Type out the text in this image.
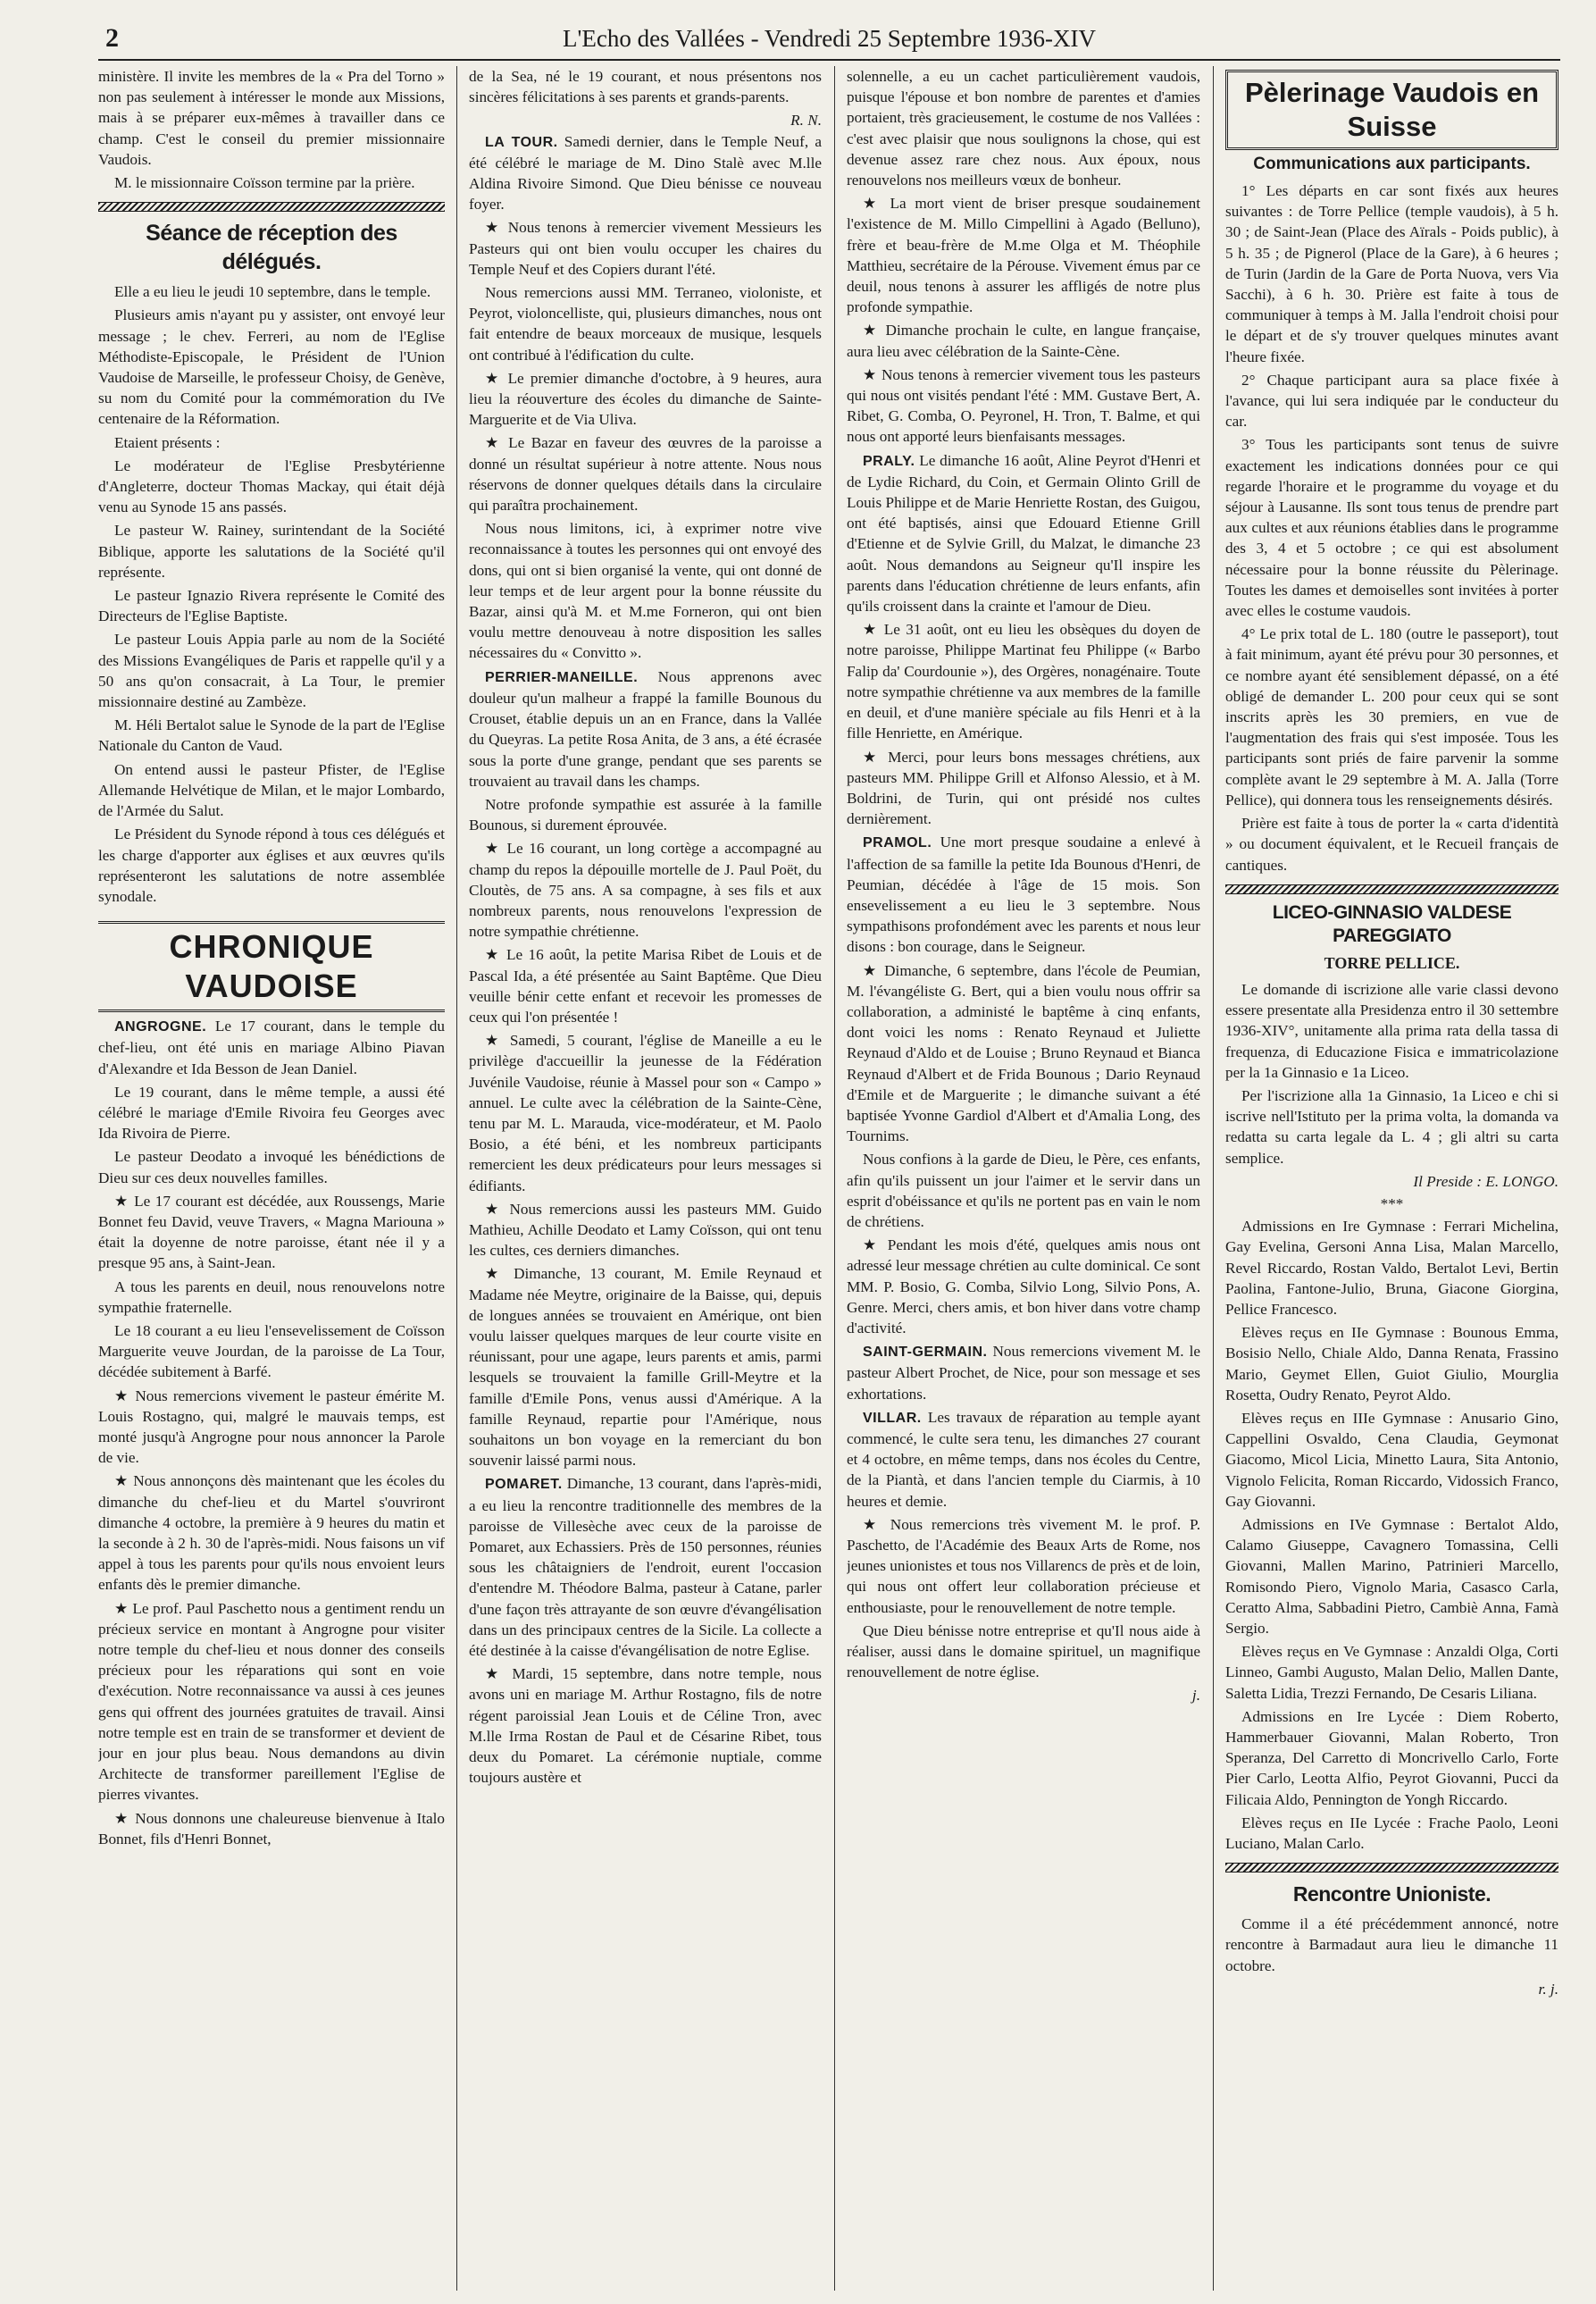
2	L'Echo des Vallées - Vendredi 25 Septembre 1936-XIV

ministère. Il invite les membres de la « Pra del Torno » non pas seulement à intéresser le monde aux Missions, mais à se préparer eux-mêmes à travailler dans ce champ. C'est le conseil du premier missionnaire Vaudois.

M. le missionnaire Coïsson termine par la prière.

Séance de réception des délégués.

Elle a eu lieu le jeudi 10 septembre, dans le temple.

Plusieurs amis n'ayant pu y assister, ont envoyé leur message ; le chev. Ferreri, au nom de l'Eglise Méthodiste-Episcopale, le Président de l'Union Vaudoise de Marseille, le professeur Choisy, de Genève, su nom du Comité pour la commémoration du IVe centenaire de la Réformation.

Etaient présents :

Le modérateur de l'Eglise Presbytérienne d'Angleterre, docteur Thomas Mackay, qui était déjà venu au Synode 15 ans passés.

Le pasteur W. Rainey, surintendant de la Société Biblique, apporte les salutations de la Société qu'il représente.

Le pasteur Ignazio Rivera représente le Comité des Directeurs de l'Eglise Baptiste.

Le pasteur Louis Appia parle au nom de la Société des Missions Evangéliques de Paris et rappelle qu'il y a 50 ans qu'on consacrait, à La Tour, le premier missionnaire destiné au Zambèze.

M. Héli Bertalot salue le Synode de la part de l'Eglise Nationale du Canton de Vaud.

On entend aussi le pasteur Pfister, de l'Eglise Allemande Helvétique de Milan, et le major Lombardo, de l'Armée du Salut.

Le Président du Synode répond à tous ces délégués et les charge d'apporter aux églises et aux œuvres qu'ils représenteront les salutations de notre assemblée synodale.

CHRONIQUE VAUDOISE

ANGROGNE. Le 17 courant, dans le temple du chef-lieu, ont été unis en mariage Albino Piavan d'Alexandre et Ida Besson de Jean Daniel.

Le 19 courant, dans le même temple, a aussi été célébré le mariage d'Emile Rivoira feu Georges avec Ida Rivoira de Pierre.

Le pasteur Deodato a invoqué les bénédictions de Dieu sur ces deux nouvelles familles.

★ Le 17 courant est décédée, aux Roussengs, Marie Bonnet feu David, veuve Travers, « Magna Mariouna » était la doyenne de notre paroisse, étant née il y a presque 95 ans, à Saint-Jean.

A tous les parents en deuil, nous renouvelons notre sympathie fraternelle.

Le 18 courant a eu lieu l'ensevelissement de Coïsson Marguerite veuve Jourdan, de la paroisse de La Tour, décédée subitement à Barfé.

★ Nous remercions vivement le pasteur émérite M. Louis Rostagno, qui, malgré le mauvais temps, est monté jusqu'à Angrogne pour nous annoncer la Parole de vie.

★ Nous annonçons dès maintenant que les écoles du dimanche du chef-lieu et du Martel s'ouvriront dimanche 4 octobre, la première à 9 heures du matin et la seconde à 2 h. 30 de l'après-midi. Nous faisons un vif appel à tous les parents pour qu'ils nous envoient leurs enfants dès le premier dimanche.

★ Le prof. Paul Paschetto nous a gentiment rendu un précieux service en montant à Angrogne pour visiter notre temple du chef-lieu et nous donner des conseils précieux pour les réparations qui sont en voie d'exécution. Notre reconnaissance va aussi à ces jeunes gens qui offrent des journées gratuites de travail. Ainsi notre temple est en train de se transformer et devient de jour en jour plus beau. Nous demandons au divin Architecte de transformer pareillement l'Eglise de pierres vivantes.

★ Nous donnons une chaleureuse bienvenue à Italo Bonnet, fils d'Henri Bonnet,

de la Sea, né le 19 courant, et nous présentons nos sincères félicitations à ses parents et grands-parents.

R. N.

LA TOUR. Samedi dernier, dans le Temple Neuf, a été célébré le mariage de M. Dino Stalè avec M.lle Aldina Rivoire Simond. Que Dieu bénisse ce nouveau foyer.

★ Nous tenons à remercier vivement Messieurs les Pasteurs qui ont bien voulu occuper les chaires du Temple Neuf et des Copiers durant l'été.

Nous remercions aussi MM. Terraneo, violoniste, et Peyrot, violoncelliste, qui, plusieurs dimanches, nous ont fait entendre de beaux morceaux de musique, lesquels ont contribué à l'édification du culte.

★ Le premier dimanche d'octobre, à 9 heures, aura lieu la réouverture des écoles du dimanche de Sainte-Marguerite et de Via Uliva.

★ Le Bazar en faveur des œuvres de la paroisse a donné un résultat supérieur à notre attente. Nous nous réservons de donner quelques détails dans la circulaire qui paraîtra prochainement.

Nous nous limitons, ici, à exprimer notre vive reconnaissance à toutes les personnes qui ont envoyé des dons, qui ont si bien organisé la vente, qui ont donné de leur temps et de leur argent pour la bonne réussite du Bazar, ainsi qu'à M. et M.me Forneron, qui ont bien voulu mettre denouveau à notre disposition les salles nécessaires du « Convitto ».

PERRIER-MANEILLE. Nous apprenons avec douleur qu'un malheur a frappé la famille Bounous du Crouset, établie depuis un an en France, dans la Vallée du Queyras. La petite Rosa Anita, de 3 ans, a été écrasée sous la porte d'une grange, pendant que ses parents se trouvaient au travail dans les champs.

Notre profonde sympathie est assurée à la famille Bounous, si durement éprouvée.

★ Le 16 courant, un long cortège a accompagné au champ du repos la dépouille mortelle de J. Paul Poët, du Cloutès, de 75 ans. A sa compagne, à ses fils et aux nombreux parents, nous renouvelons l'expression de notre sympathie chrétienne.

★ Le 16 août, la petite Marisa Ribet de Louis et de Pascal Ida, a été présentée au Saint Baptême. Que Dieu veuille bénir cette enfant et recevoir les promesses de ceux qui l'on présentée !

★ Samedi, 5 courant, l'église de Maneille a eu le privilège d'accueillir la jeunesse de la Fédération Juvénile Vaudoise, réunie à Massel pour son « Campo » annuel. Le culte avec la célébration de la Sainte-Cène, tenu par M. L. Marauda, vice-modérateur, et M. Paolo Bosio, a été béni, et les nombreux participants remercient les deux prédicateurs pour leurs messages si édifiants.

★ Nous remercions aussi les pasteurs MM. Guido Mathieu, Achille Deodato et Lamy Coïsson, qui ont tenu les cultes, ces derniers dimanches.

★ Dimanche, 13 courant, M. Emile Reynaud et Madame née Meytre, originaire de la Baisse, qui, depuis de longues années se trouvaient en Amérique, ont bien voulu laisser quelques marques de leur courte visite en réunissant, pour une agape, leurs parents et amis, parmi lesquels se trouvaient la famille Grill-Meytre et la famille d'Emile Pons, venus aussi d'Amérique. A la famille Reynaud, repartie pour l'Amérique, nous souhaitons un bon voyage en la remerciant du bon souvenir laissé parmi nous.

POMARET. Dimanche, 13 courant, dans l'après-midi, a eu lieu la rencontre traditionnelle des membres de la paroisse de Villesèche avec ceux de la paroisse de Pomaret, aux Echassiers. Près de 150 personnes, réunies sous les châtaigniers de l'endroit, eurent l'occasion d'entendre M. Théodore Balma, pasteur à Catane, parler d'une façon très attrayante de son œuvre d'évangélisation dans un des principaux centres de la Sicile. La collecte a été destinée à la caisse d'évangélisation de notre Eglise.

★ Mardi, 15 septembre, dans notre temple, nous avons uni en mariage M. Arthur Rostagno, fils de notre régent paroissial Jean Louis et de Céline Tron, avec M.lle Irma Rostan de Paul et de Césarine Ribet, tous deux du Pomaret. La cérémonie nuptiale, comme toujours austère et

solennelle, a eu un cachet particulièrement vaudois, puisque l'épouse et bon nombre de parentes et d'amies portaient, très gracieusement, le costume de nos Vallées : c'est avec plaisir que nous soulignons la chose, qui est devenue assez rare chez nous. Aux époux, nous renouvelons nos meilleurs vœux de bonheur.

★ La mort vient de briser presque soudainement l'existence de M. Millo Cimpellini à Agado (Belluno), frère et beau-frère de M.me Olga et M. Théophile Matthieu, secrétaire de la Pérouse. Vivement émus par ce deuil, nous tenons à assurer les affligés de notre plus profonde sympathie.

★ Dimanche prochain le culte, en langue française, aura lieu avec célébration de la Sainte-Cène.

★ Nous tenons à remercier vivement tous les pasteurs qui nous ont visités pendant l'été : MM. Gustave Bert, A. Ribet, G. Comba, O. Peyronel, H. Tron, T. Balme, et qui nous ont apporté leurs bienfaisants messages.

PRALY. Le dimanche 16 août, Aline Peyrot d'Henri et de Lydie Richard, du Coin, et Germain Olinto Grill de Louis Philippe et de Marie Henriette Rostan, des Guigou, ont été baptisés, ainsi que Edouard Etienne Grill d'Etienne et de Sylvie Grill, du Malzat, le dimanche 23 août. Nous demandons au Seigneur qu'Il inspire les parents dans l'éducation chrétienne de leurs enfants, afin qu'ils croissent dans la crainte et l'amour de Dieu.

★ Le 31 août, ont eu lieu les obsèques du doyen de notre paroisse, Philippe Martinat feu Philippe (« Barbo Falip da' Courdounie »), des Orgères, nonagénaire. Toute notre sympathie chrétienne va aux membres de la famille en deuil, et d'une manière spéciale au fils Henri et à la fille Henriette, en Amérique.

★ Merci, pour leurs bons messages chrétiens, aux pasteurs MM. Philippe Grill et Alfonso Alessio, et à M. Boldrini, de Turin, qui ont présidé nos cultes dernièrement.

PRAMOL. Une mort presque soudaine a enlevé à l'affection de sa famille la petite Ida Bounous d'Henri, de Peumian, décédée à l'âge de 15 mois. Son ensevelissement a eu lieu le 3 septembre. Nous sympathisons profondément avec les parents et nous leur disons : bon courage, dans le Seigneur.

★ Dimanche, 6 septembre, dans l'école de Peumian, M. l'évangéliste G. Bert, qui a bien voulu nous offrir sa collaboration, a administé le baptême à cinq enfants, dont voici les noms : Renato Reynaud et Juliette Reynaud d'Aldo et de Louise ; Bruno Reynaud et Bianca Reynaud d'Albert et de Frida Bounous ; Dario Reynaud d'Emile et de Marguerite ; le dimanche suivant a été baptisée Yvonne Gardiol d'Albert et d'Amalia Long, des Tournims.

Nous confions à la garde de Dieu, le Père, ces enfants, afin qu'ils puissent un jour l'aimer et le servir dans un esprit d'obéissance et qu'ils ne portent pas en vain le nom de chrétiens.

★ Pendant les mois d'été, quelques amis nous ont adressé leur message chrétien au culte dominical. Ce sont MM. P. Bosio, G. Comba, Silvio Long, Silvio Pons, A. Genre. Merci, chers amis, et bon hiver dans votre champ d'activité.

SAINT-GERMAIN. Nous remercions vivement M. le pasteur Albert Prochet, de Nice, pour son message et ses exhortations.

VILLAR. Les travaux de réparation au temple ayant commencé, le culte sera tenu, les dimanches 27 courant et 4 octobre, en même temps, dans nos écoles du Centre, de la Piantà, et dans l'ancien temple du Ciarmis, à 10 heures et demie.

★ Nous remercions très vivement M. le prof. P. Paschetto, de l'Académie des Beaux Arts de Rome, nos jeunes unionistes et tous nos Villarencs de près et de loin, qui nous ont offert leur collaboration précieuse et enthousiaste, pour le renouvellement de notre temple.

Que Dieu bénisse notre entreprise et qu'Il nous aide à réaliser, aussi dans le domaine spirituel, un magnifique renouvellement de notre église.

j.
Pèlerinage Vaudois en Suisse
Communications aux participants.

1° Les départs en car sont fixés aux heures suivantes : de Torre Pellice (temple vaudois), à 5 h. 30 ; de Saint-Jean (Place des Aïrals - Poids public), à 5 h. 35 ; de Pignerol (Place de la Gare), à 6 heures ; de Turin (Jardin de la Gare de Porta Nuova, vers Via Sacchi), à 6 h. 30. Prière est faite à tous de communiquer à temps à M. Jalla l'endroit choisi pour le départ et de s'y trouver quelques minutes avant l'heure fixée.

2° Chaque participant aura sa place fixée à l'avance, qui lui sera indiquée par le conducteur du car.

3° Tous les participants sont tenus de suivre exactement les indications données pour ce qui regarde l'horaire et le programme du voyage et du séjour à Lausanne. Ils sont tous tenus de prendre part aux cultes et aux réunions établies dans le programme des 3, 4 et 5 octobre ; ce qui est absolument nécessaire pour la bonne réussite du Pèlerinage. Toutes les dames et demoiselles sont invitées à porter avec elles le costume vaudois.

4° Le prix total de L. 180 (outre le passeport), tout à fait minimum, ayant été prévu pour 30 personnes, et ce nombre ayant été sensiblement dépassé, on a été obligé de demander L. 200 pour ceux qui se sont inscrits après les 30 premiers, en vue de l'augmentation des frais qui s'est imposée. Tous les participants sont priés de faire parvenir la somme complète avant le 29 septembre à M. A. Jalla (Torre Pellice), qui donnera tous les renseignements désirés.

Prière est faite à tous de porter la « carta d'identità » ou document équivalent, et le Recueil français de cantiques.

LICEO-GINNASIO VALDESE PAREGGIATO
TORRE PELLICE.

Le domande di iscrizione alle varie classi devono essere presentate alla Presidenza entro il 30 settembre 1936-XIV°, unitamente alla prima rata della tassa di frequenza, di Educazione Fisica e immatricolazione per la 1a Ginnasio e 1a Liceo.

Per l'iscrizione alla 1a Ginnasio, 1a Liceo e chi si iscrive nell'Istituto per la prima volta, la domanda va redatta su carta legale da L. 4 ; gli altri su carta semplice.

Il Preside : E. LONGO.
***

Admissions en Ire Gymnase : Ferrari Michelina, Gay Evelina, Gersoni Anna Lisa, Malan Marcello, Revel Riccardo, Rostan Valdo, Bertalot Levi, Bertin Paolina, Fantone-Julio, Bruna, Giacone Giorgina, Pellice Francesco.

Elèves reçus en IIe Gymnase : Bounous Emma, Bosisio Nello, Chiale Aldo, Danna Renata, Frassino Mario, Geymet Ellen, Guiot Giulio, Mourglia Rosetta, Oudry Renato, Peyrot Aldo.

Elèves reçus en IIIe Gymnase : Anusario Gino, Cappellini Osvaldo, Cena Claudia, Geymonat Giacomo, Micol Licia, Minetto Laura, Sita Antonio, Vignolo Felicita, Roman Riccardo, Vidossich Franco, Gay Giovanni.

Admissions en IVe Gymnase : Bertalot Aldo, Calamo Giuseppe, Cavagnero Tomassina, Celli Giovanni, Mallen Marino, Patrinieri Marcello, Romisondo Piero, Vignolo Maria, Casasco Carla, Ceratto Alma, Sabbadini Pietro, Cambiè Anna, Famà Sergio.

Elèves reçus en Ve Gymnase : Anzaldi Olga, Corti Linneo, Gambi Augusto, Malan Delio, Mallen Dante, Saletta Lidia, Trezzi Fernando, De Cesaris Liliana.

Admissions en Ire Lycée : Diem Roberto, Hammerbauer Giovanni, Malan Roberto, Tron Speranza, Del Carretto di Moncrivello Carlo, Forte Pier Carlo, Leotta Alfio, Peyrot Giovanni, Pucci da Filicaia Aldo, Pennington de Yongh Riccardo.

Elèves reçus en IIe Lycée : Frache Paolo, Leoni Luciano, Malan Carlo.

Rencontre Unioniste.

Comme il a été précédemment annoncé, notre rencontre à Barmadaut aura lieu le dimanche 11 octobre.

r. j.
